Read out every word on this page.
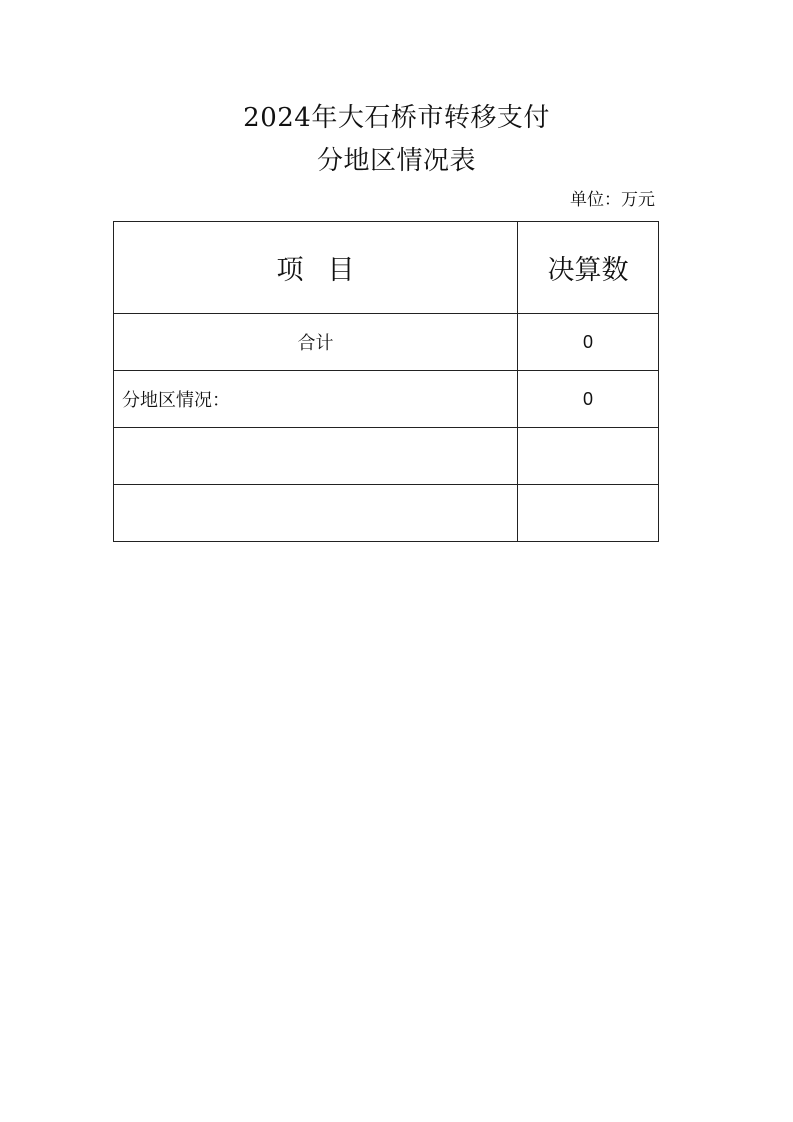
2024年大石桥市转移支付
分地区情况表
单位：万元
项目	决算数
合计	0
分地区情况：	0
